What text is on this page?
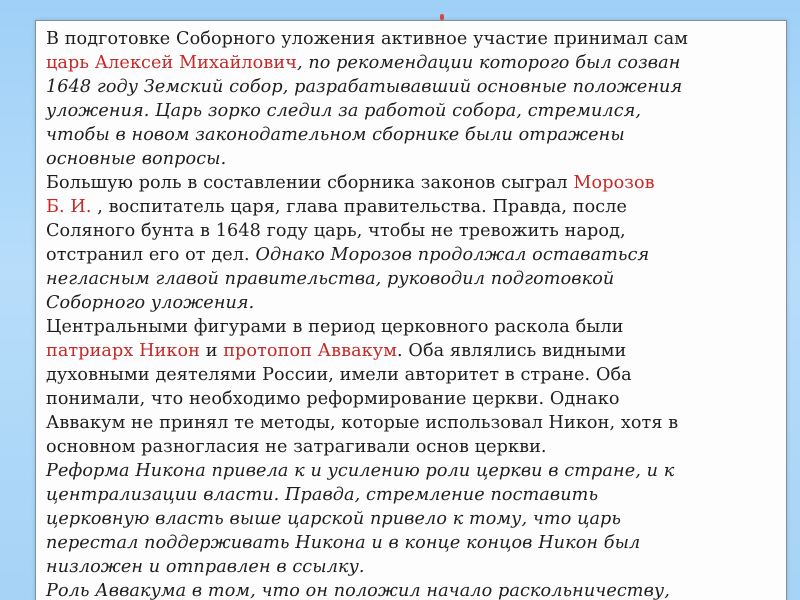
В подготовке Соборного уложения активное участие принимал сам
царь Алексей Михайлович, по рекомендации которого был созван
1648 году Земский собор, разрабатывавший основные положения
уложения. Царь зорко следил за работой собора, стремился,
чтобы в новом законодательном сборнике были отражены
основные вопросы.
Большую роль в составлении сборника законов сыграл Морозов
Б. И. , воспитатель царя, глава правительства. Правда, после
Соляного бунта в 1648 году царь, чтобы не тревожить народ,
отстранил его от дел. Однако Морозов продолжал оставаться
негласным главой правительства, руководил подготовкой
Соборного уложения.
Центральными фигурами в период церковного раскола были
патриарх Никон и протопоп Аввакум. Оба являлись видными
духовными деятелями России, имели авторитет в стране. Оба
понимали, что необходимо реформирование церкви. Однако
Аввакум не принял те методы, которые использовал Никон, хотя в
основном разногласия не затрагивали основ церкви.
Реформа Никона привела к и усилению роли церкви в стране, и к
централизации власти. Правда, стремление поставить
церковную власть выше царской привело к тому, что царь
перестал поддерживать Никона и в конце концов Никон был
низложен и отправлен в ссылку.
Роль Аввакума в том, что он положил начало раскольничеству,
